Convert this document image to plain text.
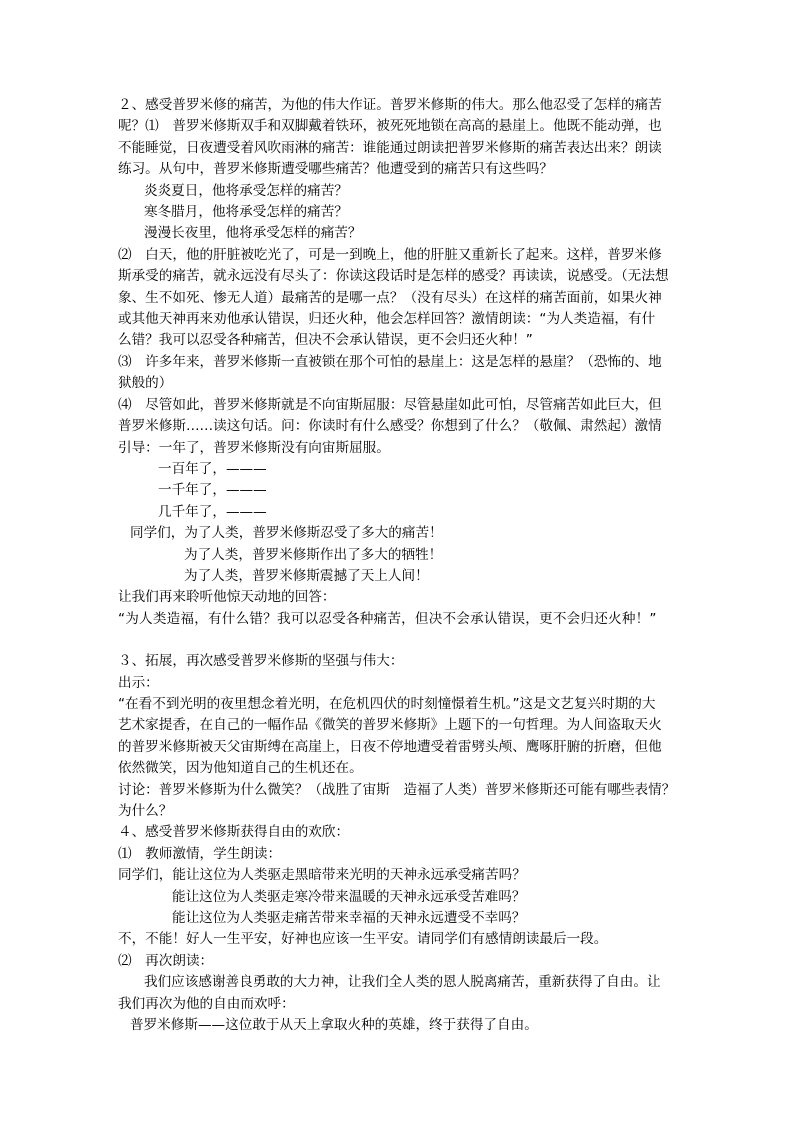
２、感受普罗米修的痛苦，为他的伟大作证。普罗米修斯的伟大。那么他忍受了怎样的痛苦

呢？⑴　普罗米修斯双手和双脚戴着铁环，被死死地锁在高高的悬崖上。他既不能动弹，也

不能睡觉，日夜遭受着风吹雨淋的痛苦：谁能通过朗读把普罗米修斯的痛苦表达出来？朗读

练习。从句中，普罗米修斯遭受哪些痛苦？他遭受到的痛苦只有这些吗？

炎炎夏日，他将承受怎样的痛苦？

寒冬腊月，他将承受怎样的痛苦？

漫漫长夜里，他将承受怎样的痛苦？

⑵　白天，他的肝脏被吃光了，可是一到晚上，他的肝脏又重新长了起来。这样，普罗米修

斯承受的痛苦，就永远没有尽头了：你读这段话时是怎样的感受？再读读，说感受。（无法想

象、生不如死、惨无人道）最痛苦的是哪一点？（没有尽头）在这样的痛苦面前，如果火神

或其他天神再来劝他承认错误，归还火种，他会怎样回答？激情朗读：“为人类造福，有什

么错？我可以忍受各种痛苦，但决不会承认错误，更不会归还火种！”

⑶　许多年来，普罗米修斯一直被锁在那个可怕的悬崖上：这是怎样的悬崖？（恐怖的、地

狱般的）

⑷　尽管如此，普罗米修斯就是不向宙斯屈服：尽管悬崖如此可怕，尽管痛苦如此巨大，但

普罗米修斯……读这句话。问：你读时有什么感受？你想到了什么？（敬佩、肃然起）激情

引导：一年了，普罗米修斯没有向宙斯屈服。

一百年了，———

一千年了，———

几千年了，———

同学们，为了人类，普罗米修斯忍受了多大的痛苦！

为了人类，普罗米修斯作出了多大的牺牲！

为了人类，普罗米修斯震撼了天上人间！

让我们再来聆听他惊天动地的回答：

“为人类造福，有什么错？我可以忍受各种痛苦，但决不会承认错误，更不会归还火种！”

３、拓展，再次感受普罗米修斯的坚强与伟大：

出示：

“在看不到光明的夜里想念着光明，在危机四伏的时刻憧憬着生机。”这是文艺复兴时期的大

艺术家提香，在自己的一幅作品《微笑的普罗米修斯》上题下的一句哲理。为人间盗取天火

的普罗米修斯被天父宙斯缚在高崖上，日夜不停地遭受着雷劈头颅、鹰啄肝腑的折磨，但他

依然微笑，因为他知道自己的生机还在。

讨论：普罗米修斯为什么微笑？（战胜了宙斯　造福了人类）普罗米修斯还可能有哪些表情？

为什么？

４、感受普罗米修斯获得自由的欢欣：

⑴　教师激情，学生朗读：

同学们，能让这位为人类驱走黑暗带来光明的天神永远承受痛苦吗？

能让这位为人类驱走寒冷带来温暖的天神永远承受苦难吗？

能让这位为人类驱走痛苦带来幸福的天神永远遭受不幸吗？

不，不能！好人一生平安，好神也应该一生平安。请同学们有感情朗读最后一段。

⑵　再次朗读：

我们应该感谢善良勇敢的大力神，让我们全人类的恩人脱离痛苦，重新获得了自由。让

我们再次为他的自由而欢呼：

普罗米修斯——这位敢于从天上拿取火种的英雄，终于获得了自由。
